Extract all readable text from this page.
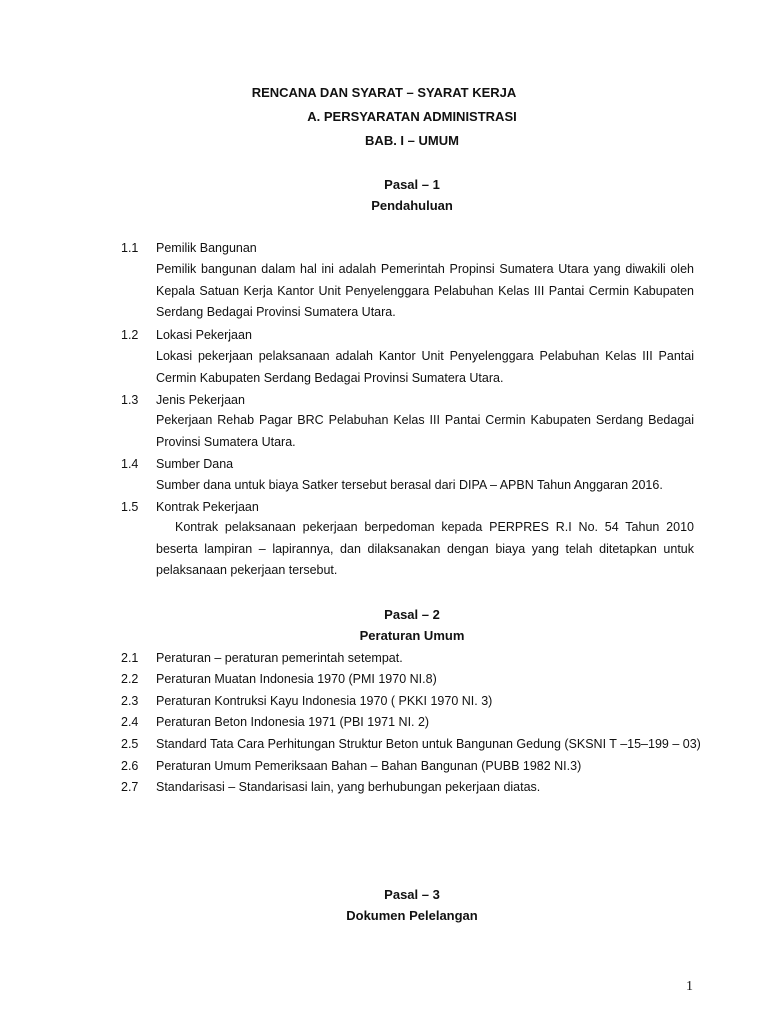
RENCANA DAN SYARAT – SYARAT KERJA
A. PERSYARATAN ADMINISTRASI
BAB. I – UMUM
Pasal – 1
Pendahuluan
1.1 Pemilik Bangunan
Pemilik bangunan dalam hal ini adalah Pemerintah Propinsi Sumatera Utara yang diwakili oleh Kepala Satuan Kerja Kantor Unit Penyelenggara Pelabuhan Kelas III Pantai Cermin Kabupaten Serdang Bedagai Provinsi Sumatera Utara.
1.2 Lokasi Pekerjaan
Lokasi pekerjaan pelaksanaan adalah Kantor Unit Penyelenggara Pelabuhan Kelas III Pantai Cermin Kabupaten Serdang Bedagai Provinsi Sumatera Utara.
1.3 Jenis Pekerjaan
Pekerjaan Rehab Pagar BRC Pelabuhan Kelas III Pantai Cermin Kabupaten Serdang Bedagai Provinsi Sumatera Utara.
1.4 Sumber Dana
Sumber dana untuk biaya Satker tersebut berasal dari DIPA – APBN Tahun Anggaran 2016.
1.5 Kontrak Pekerjaan
Kontrak pelaksanaan pekerjaan berpedoman kepada PERPRES R.I No. 54 Tahun 2010 beserta lampiran – lapirannya, dan dilaksanakan dengan biaya yang telah ditetapkan untuk pelaksanaan pekerjaan tersebut.
Pasal – 2
Peraturan Umum
2.1 Peraturan – peraturan pemerintah setempat.
2.2 Peraturan Muatan Indonesia 1970 (PMI 1970 NI.8)
2.3 Peraturan Kontruksi Kayu Indonesia 1970 ( PKKI 1970 NI. 3)
2.4 Peraturan Beton Indonesia 1971 (PBI 1971 NI. 2)
2.5 Standard Tata Cara Perhitungan Struktur Beton untuk Bangunan Gedung (SKSNI T –15–199 – 03)
2.6 Peraturan Umum Pemeriksaan Bahan – Bahan Bangunan (PUBB 1982 NI.3)
2.7 Standarisasi – Standarisasi lain, yang berhubungan pekerjaan diatas.
Pasal – 3
Dokumen Pelelangan
1
